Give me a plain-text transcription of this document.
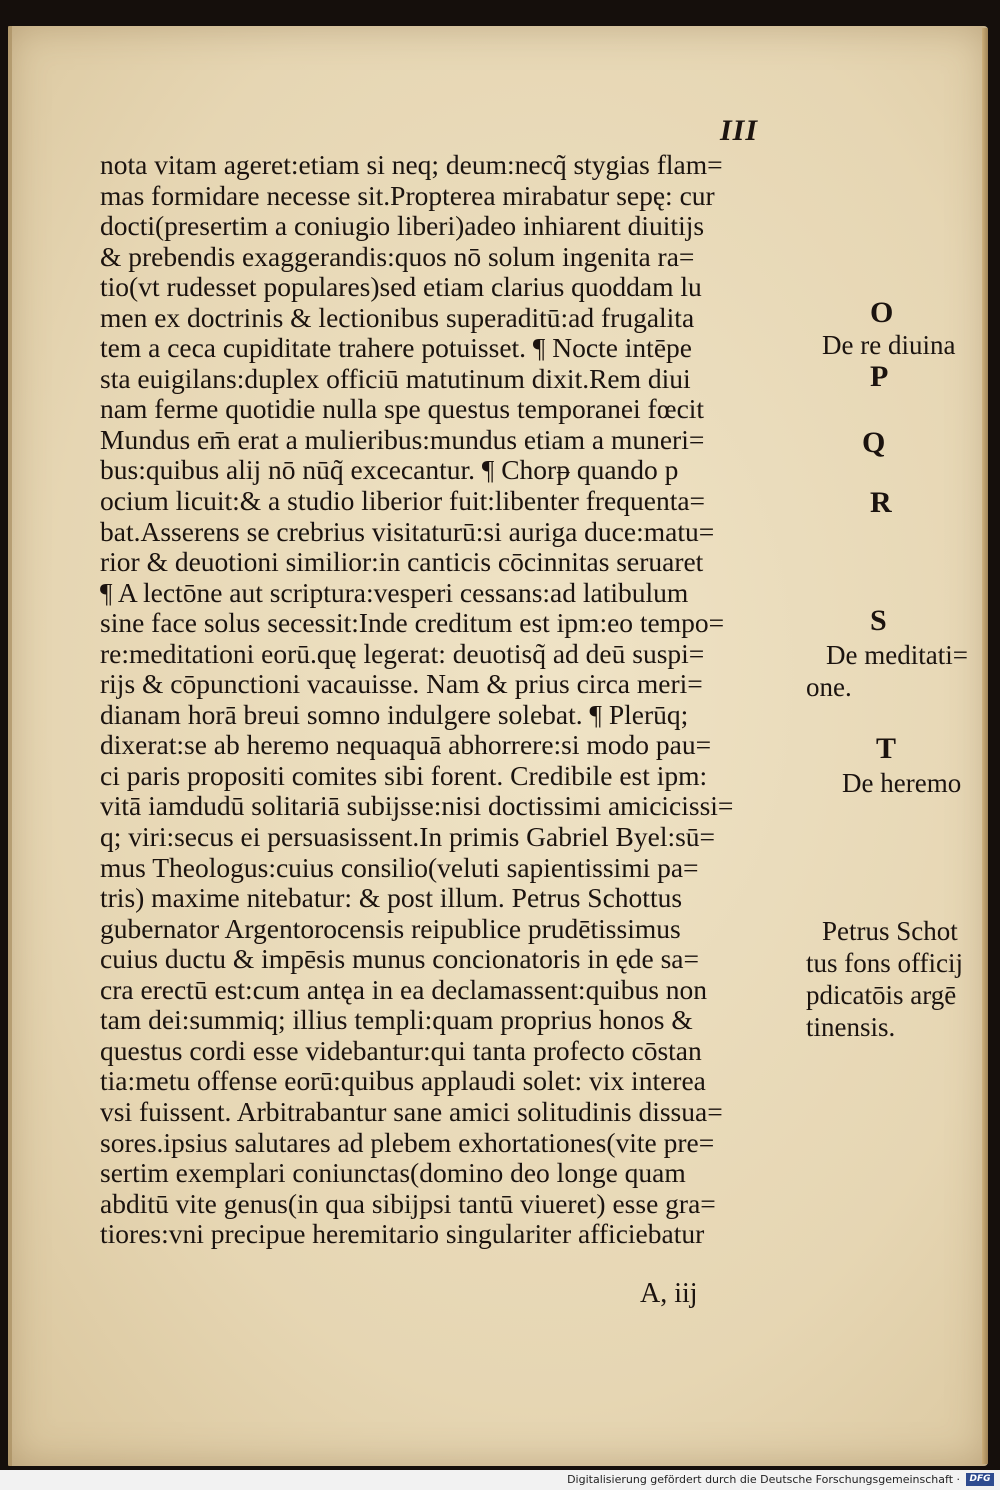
III
nota vitam ageret:etiam si neq; deum:necq̃ stygias flam=
mas formidare necesse sit.Propterea mirabatur sepę: cur
docti(presertim a coniugio liberi)adeo inhiarent diuitijs
& prebendis exaggerandis:quos nō solum ingenita ra=
tio(vt rudesset populares)sed etiam clarius quoddam lu
men ex doctrinis & lectionibus superaditū:ad frugalita
tem a ceca cupiditate trahere potuisset. ¶ Nocte intēpe
sta euigilans:duplex officiū matutinum dixit.Rem diui
nam ferme quotidie nulla spe questus temporanei fœcit
Mundus em̄ erat a mulieribus:mundus etiam a muneri=
bus:quibus alij nō nūq̃ excecantur. ¶ Chorᵽ quando p
ocium licuit:& a studio liberior fuit:libenter frequenta=
bat.Asserens se crebrius visitaturū:si auriga duce:matu=
rior & deuotioni similior:in canticis cōcinnitas seruaret
¶ A lectōne aut scriptura:vesperi cessans:ad latibulum
sine face solus secessit:Inde creditum est ipm:eo tempo=
re:meditationi eorū.quę legerat: deuotisq̃ ad deū suspi=
rijs & cōpunctioni vacauisse. Nam & prius circa meri=
dianam horā breui somno indulgere solebat. ¶ Plerūq;
dixerat:se ab heremo nequaquā abhorrere:si modo pau=
ci paris propositi comites sibi forent. Credibile est ipm:
vitā iamdudū solitariā subijsse:nisi doctissimi amicicissi=
q; viri:secus ei persuasissent.In primis Gabriel Byel:sū=
mus Theologus:cuius consilio(veluti sapientissimi pa=
tris) maxime nitebatur: & post illum. Petrus Schottus
gubernator Argentorocensis reipublice prudētissimus
cuius ductu & impēsis munus concionatoris in ęde sa=
cra erectū est:cum antęa in ea declamassent:quibus non
tam dei:summiq; illius templi:quam proprius honos &
questus cordi esse videbantur:qui tanta profecto cōstan
tia:metu offense eorū:quibus applaudi solet: vix interea
vsi fuissent. Arbitrabantur sane amici solitudinis dissua=
sores.ipsius salutares ad plebem exhortationes(vite pre=
sertim exemplari coniunctas(domino deo longe quam
abditū vite genus(in qua sibijpsi tantū viueret) esse gra=
tiores:vni precipue heremitario singulariter afficiebatur
A, iij
O
De re diuina
P
Q
R
S
De meditati=
one.
T
De heremo
Petrus Schot
tus fons officij
pdicatōis argē
tinensis.
Digitalisierung gefördert durch die Deutsche Forschungsgemeinschaft ·	DFG
